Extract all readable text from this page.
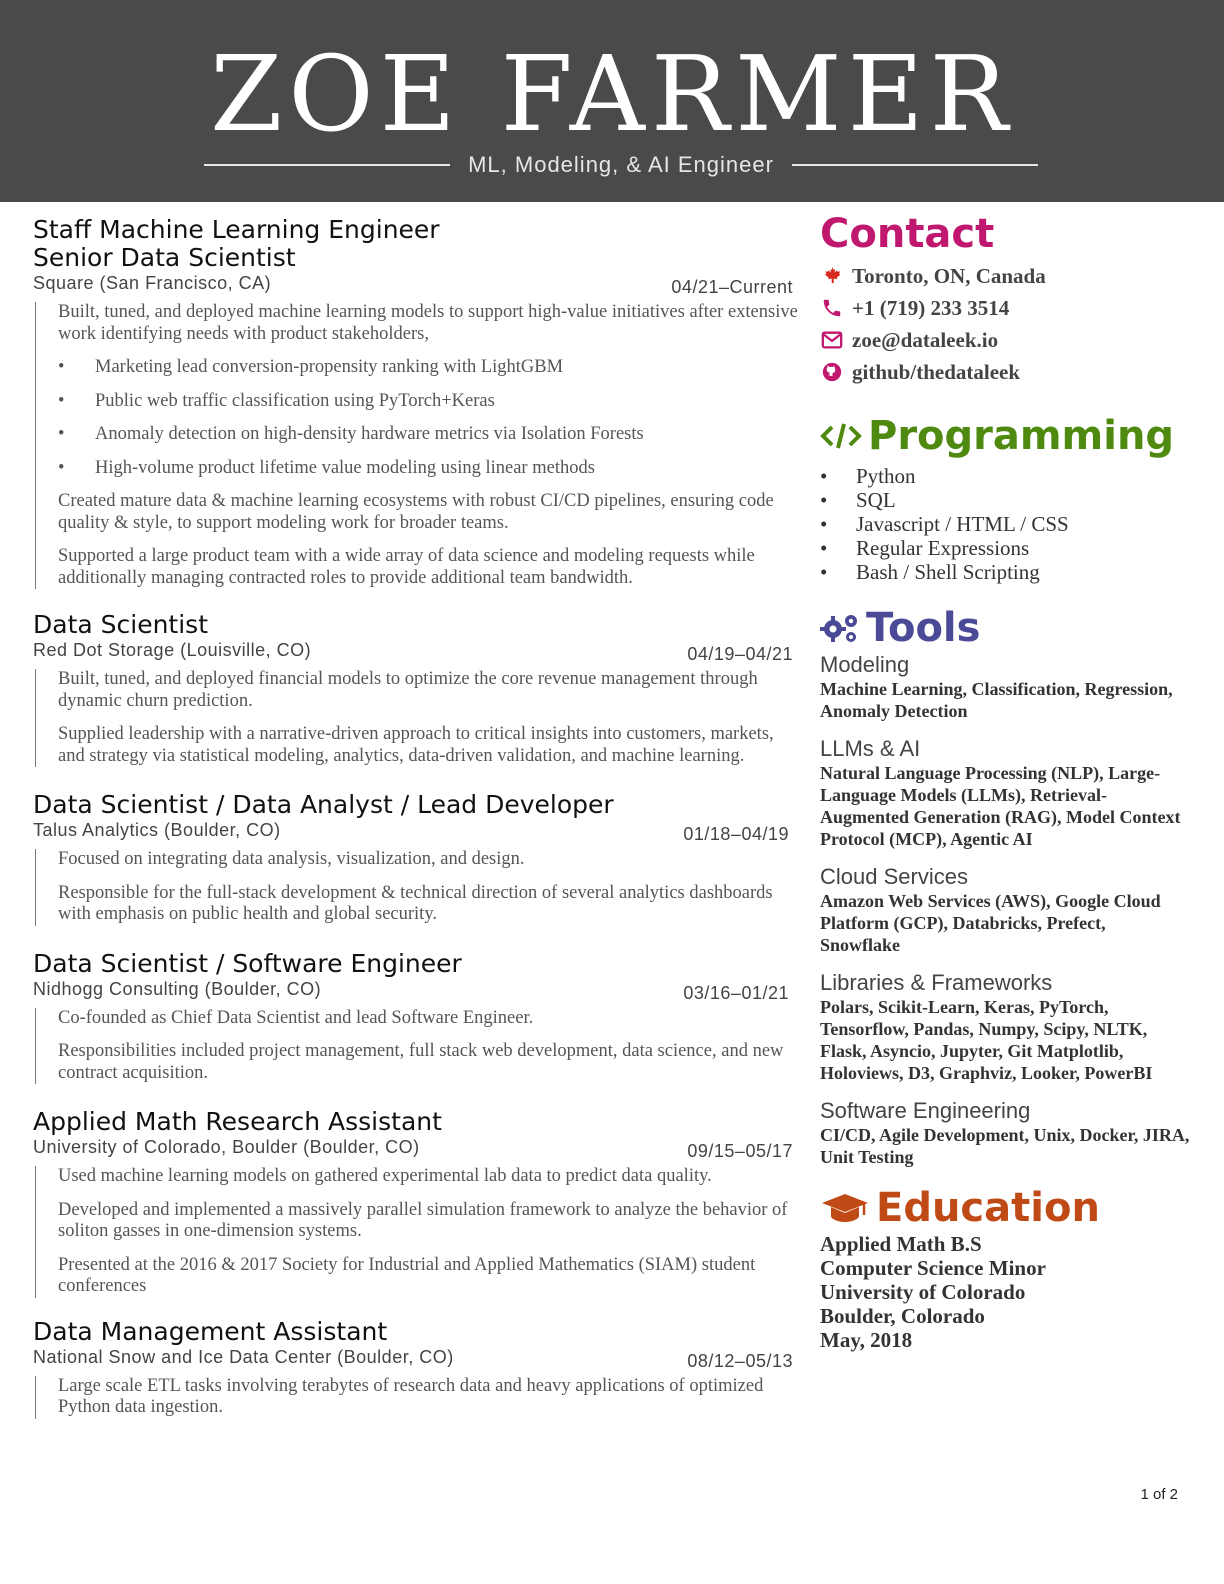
ZOE FARMER
ML, Modeling, & AI Engineer
Staff Machine Learning Engineer
Senior Data Scientist
Square (San Francisco, CA)	04/21–Current

Built, tuned, and deployed machine learning models to support high-value initiatives after extensive work identifying needs with product stakeholders,

• Marketing lead conversion-propensity ranking with LightGBM
• Public web traffic classification using PyTorch+Keras
• Anomaly detection on high-density hardware metrics via Isolation Forests
• High-volume product lifetime value modeling using linear methods

Created mature data & machine learning ecosystems with robust CI/CD pipelines, ensuring code quality & style, to support modeling work for broader teams.

Supported a large product team with a wide array of data science and modeling requests while additionally managing contracted roles to provide additional team bandwidth.

Data Scientist
Red Dot Storage (Louisville, CO)	04/19–04/21

Built, tuned, and deployed financial models to optimize the core revenue management through dynamic churn prediction.

Supplied leadership with a narrative-driven approach to critical insights into customers, markets, and strategy via statistical modeling, analytics, data-driven validation, and machine learning.

Data Scientist / Data Analyst / Lead Developer
Talus Analytics (Boulder, CO)	01/18–04/19

Focused on integrating data analysis, visualization, and design.

Responsible for the full-stack development & technical direction of several analytics dashboards with emphasis on public health and global security.

Data Scientist / Software Engineer
Nidhogg Consulting (Boulder, CO)	03/16–01/21

Co-founded as Chief Data Scientist and lead Software Engineer.

Responsibilities included project management, full stack web development, data science, and new contract acquisition.

Applied Math Research Assistant
University of Colorado, Boulder (Boulder, CO)	09/15–05/17

Used machine learning models on gathered experimental lab data to predict data quality.

Developed and implemented a massively parallel simulation framework to analyze the behavior of soliton gasses in one-dimension systems.

Presented at the 2016 & 2017 Society for Industrial and Applied Mathematics (SIAM) student conferences

Data Management Assistant
National Snow and Ice Data Center (Boulder, CO)	08/12–05/13

Large scale ETL tasks involving terabytes of research data and heavy applications of optimized Python data ingestion.

Contact
Toronto, ON, Canada
+1 (719) 233 3514
zoe@dataleek.io
github/thedataleek
Programming
• Python
• SQL
• Javascript / HTML / CSS
• Regular Expressions
• Bash / Shell Scripting
Tools
Modeling
Machine Learning, Classification, Regression, Anomaly Detection
LLMs & AI
Natural Language Processing (NLP), Large-Language Models (LLMs), Retrieval-Augmented Generation (RAG), Model Context Protocol (MCP), Agentic AI
Cloud Services
Amazon Web Services (AWS), Google Cloud Platform (GCP), Databricks, Prefect, Snowflake
Libraries & Frameworks
Polars, Scikit-Learn, Keras, PyTorch, Tensorflow, Pandas, Numpy, Scipy, NLTK, Flask, Asyncio, Jupyter, Git Matplotlib, Holoviews, D3, Graphviz, Looker, PowerBI
Software Engineering
CI/CD, Agile Development, Unix, Docker, JIRA, Unit Testing
Education
Applied Math B.S
Computer Science Minor
University of Colorado
Boulder, Colorado
May, 2018
1 of 2
